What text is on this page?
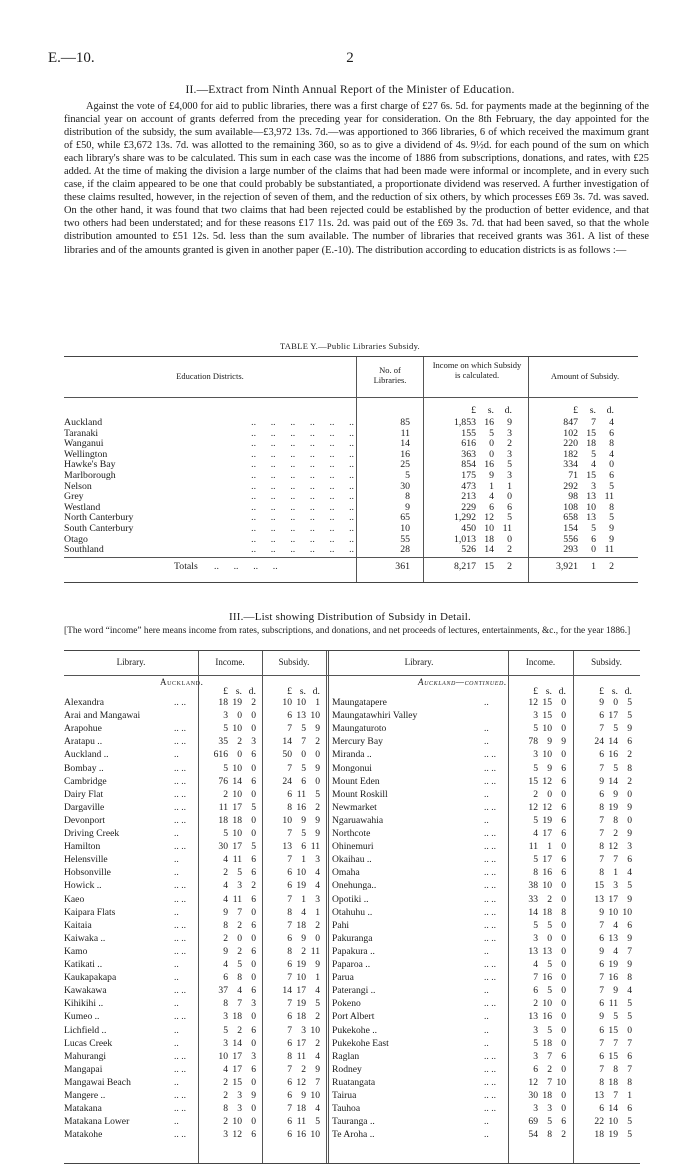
E.—10.	2
II.—Extract from Ninth Annual Report of the Minister of Education.

Against the vote of £4,000 for aid to public libraries, there was a first charge of £27 6s. 5d. for payments made at the beginning of the financial year on account of grants deferred from the preceding year for consideration. On the 8th February, the day appointed for the distribution of the subsidy, the sum available—£3,972 13s. 7d.—was apportioned to 366 libraries, 6 of which received the maximum grant of £50, while £3,672 13s. 7d. was allotted to the remaining 360, so as to give a dividend of 4s. 9½d. for each pound of the sum on which each library's share was to be calculated. This sum in each case was the income of 1886 from subscriptions, donations, and rates, with £25 added. At the time of making the division a large number of the claims that had been made were informal or incomplete, and in every such case, if the claim appeared to be one that could probably be substantiated, a proportionate dividend was reserved. A further investigation of these claims resulted, however, in the rejection of seven of them, and the reduction of six others, by which processes £69 3s. 7d. was saved. On the other hand, it was found that two claims that had been rejected could be established by the production of better evidence, and that two others had been understated; and for these reasons £17 11s. 2d. was paid out of the £69 3s. 7d. that had been saved, so that the whole distribution amounted to £51 12s. 5d. less than the sum available. The number of libraries that received grants was 361. A list of these libraries and of the amounts granted is given in another paper (E.-10). The distribution according to education districts is as follows :—

TABLE Y.—Public Libraries Subsidy.
Education Districts.
No. of Libraries.
Income on which Subsidy is calculated.	Amount of Subsidy.
£	s.	d.	£	s.	d.
Auckland	..      ..      ..      ..      ..      ..	85	1,853 16	9	847	7	4
Taranaki	..      ..      ..      ..      ..      ..	11	155	5	3	102 15	6
Wanganui	..      ..      ..      ..      ..      ..	14	616	0	2	220 18	8
Wellington	..      ..      ..      ..      ..      ..	16	363	0	3	182	5	4
Hawke's Bay	..      ..      ..      ..      ..      ..	25	854 16	5	334	4	0
Marlborough	..      ..      ..      ..      ..      ..	5	175	9	3	71 15	6
Nelson	..      ..      ..      ..      ..      ..	30	473	1	1	292	3	5
Grey	..      ..      ..      ..      ..      ..	8	213	4	0	98 13 11
Westland	..      ..      ..      ..      ..      ..	9	229	6	6	108 10	8
North Canterbury	..      ..      ..      ..      ..      ..	65	1,292 12	5	658 13	5
South Canterbury	..      ..      ..      ..      ..      ..	10	450 10 11	154	5	9
Otago	..      ..      ..      ..      ..      ..	55	1,013 18	0	556	6	9
Southland	..      ..      ..      ..      ..      ..	28	526 14	2	293	0 11
Totals ..      ..      ..      ..	361	8,217 15	2	3,921	1	2
III.—List showing Distribution of Subsidy in Detail.

[The word “income” here means income from rates, subscriptions, and donations, and net proceeds of lectures, entertainments, &c., for the year 1886.]

Library.	Income.	Subsidy.	Library.	Income.	Subsidy.
Auckland.	Auckland—continued.
£ s. d.	£ s. d.	£ s. d.	£ s. d.
Alexandra	.. ..	18 19 2	10 10 1
Arai and Mangawai	3 0 0	6 13 10
Arapohue	.. ..	5 10 0	7 5 9
Aratapu ..	.. ..	35 2 3	14 7 2
Auckland ..	..	616 0 6	50 0 0
Bombay ..	.. ..	5 10 0	7 5 9
Cambridge	.. ..	76 14 6	24 6 0
Dairy Flat	.. ..	2 10 0	6 11 5
Dargaville	.. ..	11 17 5	8 16 2
Devonport	.. ..	18 18 0	10 9 9
Driving Creek	..	5 10 0	7 5 9
Hamilton	.. ..	30 17 5	13 6 11
Helensville	..	4 11 6	7 1 3
Hobsonville	..	2 5 6	6 10 4
Howick ..	.. ..	4 3 2	6 19 4
Kaeo	.. ..	4 11 6	7 1 3
Kaipara Flats	..	9 7 0	8 4 1
Kaitaia	.. ..	8 2 6	7 18 2
Kaiwaka ..	.. ..	2 0 0	6 9 0
Kamo	.. ..	9 2 6	8 2 11
Katikati ..	..	4 5 0	6 19 9
Kaukapakapa	..	6 8 0	7 10 1
Kawakawa	.. ..	37 4 6	14 17 4
Kihikihi ..	..	8 7 3	7 19 5
Kumeo ..	.. ..	3 18 0	6 18 2
Lichfield ..	..	5 2 6	7 3 10
Lucas Creek	..	3 14 0	6 17 2
Mahurangi	.. ..	10 17 3	8 11 4
Mangapai	.. ..	4 17 6	7 2 9
Mangawai Beach	..	2 15 0	6 12 7
Mangere ..	.. ..	2 3 9	6 9 10
Matakana	.. ..	8 3 0	7 18 4
Matakana Lower	..	2 10 0	6 11 5
Matakohe	.. ..	3 12 6	6 16 10
Maungatapere	..	12 15 0	9 0 5
Maungatawhiri Valley	3 15 0	6 17 5
Maungaturoto	..	5 10 0	7 5 9
Mercury Bay	..	78 9 9	24 14 6
Miranda ..	.. ..	3 10 0	6 16 2
Mongonui	.. ..	5 9 6	7 5 8
Mount Eden	.. ..	15 12 6	9 14 2
Mount Roskill	..	2 0 0	6 9 0
Newmarket	.. ..	12 12 6	8 19 9
Ngaruawahia	..	5 19 6	7 8 0
Northcote	.. ..	4 17 6	7 2 9
Ohinemuri	.. ..	11 1 0	8 12 3
Okaihau ..	.. ..	5 17 6	7 7 6
Omaha	.. ..	8 16 6	8 1 4
Onehunga..	.. ..	38 10 0	15 3 5
Opotiki ..	.. ..	33 2 0	13 17 9
Otahuhu ..	.. ..	14 18 8	9 10 10
Pahi	.. ..	5 5 0	7 4 6
Pakuranga	.. ..	3 0 0	6 13 9
Papakura ..	..	13 13 0	9 4 7
Paparoa ..	.. ..	4 5 0	6 19 9
Parua	.. ..	7 16 0	7 16 8
Paterangi ..	..	6 5 0	7 9 4
Pokeno	.. ..	2 10 0	6 11 5
Port Albert	..	13 16 0	9 5 5
Pukekohe ..	..	3 5 0	6 15 0
Pukekohe East	..	5 18 0	7 7 7
Raglan	.. ..	3 7 6	6 15 6
Rodney	.. ..	6 2 0	7 8 7
Ruatangata	.. ..	12 7 10	8 18 8
Tairua	.. ..	30 18 0	13 7 1
Tauhoa	.. ..	3 3 0	6 14 6
Tauranga ..	..	69 5 6	22 10 5
Te Aroha ..	..	54 8 2	18 19 5
